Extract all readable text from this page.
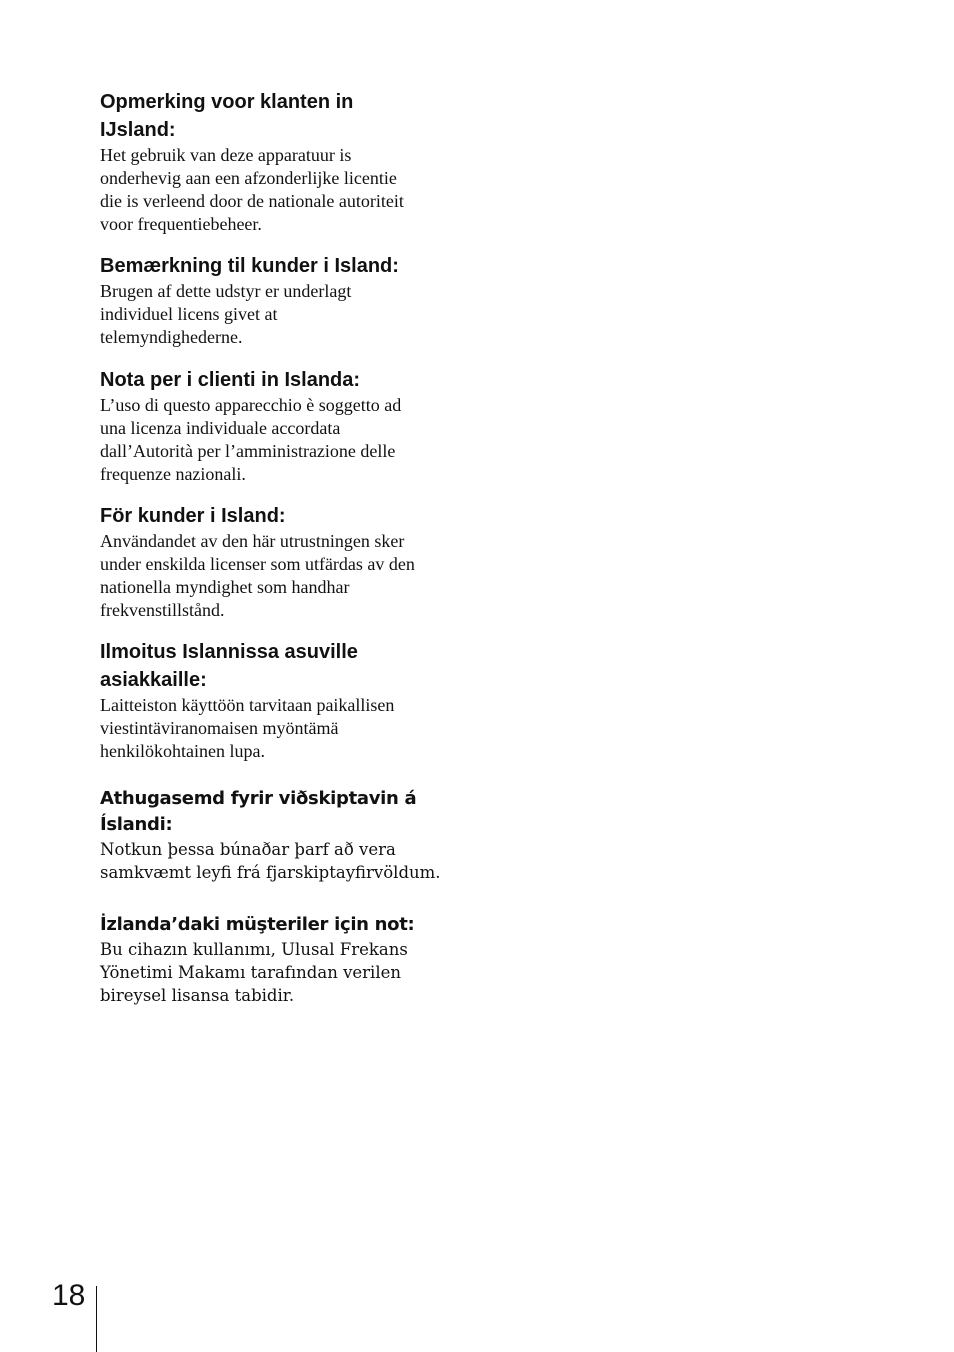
Opmerking voor klanten in
IJsland:

Het gebruik van deze apparatuur is
onderhevig aan een afzonderlijke licentie
die is verleend door de nationale autoriteit
voor frequentiebeheer.

Bemærkning til kunder i Island:

Brugen af dette udstyr er underlagt
individuel licens givet at
telemyndighederne.

Nota per i clienti in Islanda:

L’uso di questo apparecchio è soggetto ad
una licenza individuale accordata
dall’Autorità per l’amministrazione delle
frequenze nazionali.

För kunder i Island:

Användandet av den här utrustningen sker
under enskilda licenser som utfärdas av den
nationella myndighet som handhar
frekvenstillstånd.

Ilmoitus Islannissa asuville
asiakkaille:

Laitteiston käyttöön tarvitaan paikallisen
viestintäviranomaisen myöntämä
henkilökohtainen lupa.

Athugasemd fyrir viðskiptavin á
Íslandi:

Notkun þessa búnaðar þarf að vera
samkvæmt leyfi frá fjarskiptayfirvöldum.

İzlanda’daki müşteriler için not:

Bu cihazın kullanımı, Ulusal Frekans
Yönetimi Makamı tarafından verilen
bireysel lisansa tabidir.

18
